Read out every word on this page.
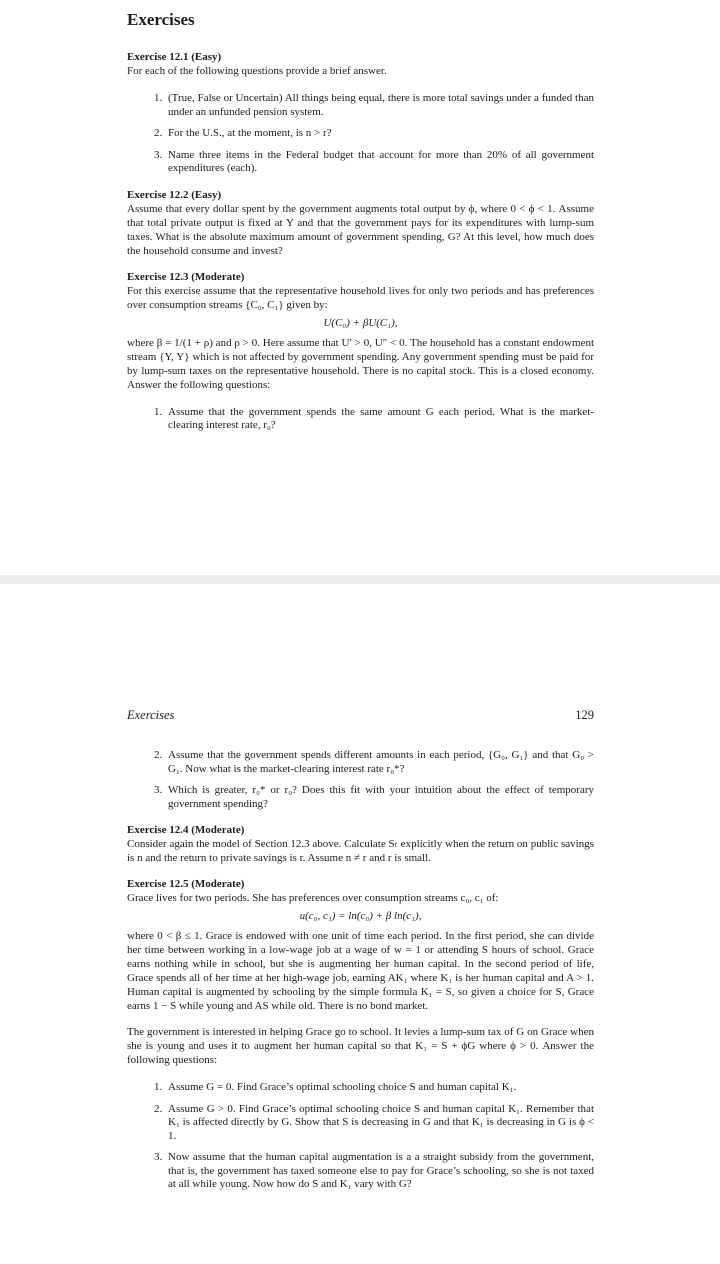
Exercises
Exercise 12.1 (Easy)
For each of the following questions provide a brief answer.
1. (True, False or Uncertain) All things being equal, there is more total savings under a funded than under an unfunded pension system.
2. For the U.S., at the moment, is n > r?
3. Name three items in the Federal budget that account for more than 20% of all government expenditures (each).
Exercise 12.2 (Easy)
Assume that every dollar spent by the government augments total output by ϕ, where 0 < ϕ < 1. Assume that total private output is fixed at Y and that the government pays for its expenditures with lump-sum taxes. What is the absolute maximum amount of government spending, G? At this level, how much does the household consume and invest?
Exercise 12.3 (Moderate)
For this exercise assume that the representative household lives for only two periods and has preferences over consumption streams {C₀, C₁} given by:
U(C₀) + βU(C₁),
where β = 1/(1 + ρ) and ρ > 0. Here assume that U′ > 0, U″ < 0. The household has a constant endowment stream {Y, Y} which is not affected by government spending. Any government spending must be paid for by lump-sum taxes on the representative household. There is no capital stock. This is a closed economy. Answer the following questions:
1. Assume that the government spends the same amount G each period. What is the market-clearing interest rate, r₀?
Exercises	129
2. Assume that the government spends different amounts in each period, {G₀, G₁} and that G₀ > G₁. Now what is the market-clearing interest rate r₀*?
3. Which is greater, r₀* or r₀? Does this fit with your intuition about the effect of temporary government spending?
Exercise 12.4 (Moderate)
Consider again the model of Section 12.3 above. Calculate Sₜ explicitly when the return on public savings is n and the return to private savings is r. Assume n ≠ r and r is small.
Exercise 12.5 (Moderate)
Grace lives for two periods. She has preferences over consumption streams c₀, c₁ of:
u(c₀, c₁) = ln(c₀) + β ln(c₁),
where 0 < β ≤ 1. Grace is endowed with one unit of time each period. In the first period, she can divide her time between working in a low-wage job at a wage of w = 1 or attending S hours of school. Grace earns nothing while in school, but she is augmenting her human capital. In the second period of life, Grace spends all of her time at her high-wage job, earning AK₁ where K₁ is her human capital and A > 1. Human capital is augmented by schooling by the simple formula K₁ = S, so given a choice for S, Grace earns 1 − S while young and AS while old. There is no bond market.
The government is interested in helping Grace go to school. It levies a lump-sum tax of G on Grace when she is young and uses it to augment her human capital so that K₁ = S + ϕG where ϕ > 0. Answer the following questions:
1. Assume G = 0. Find Grace’s optimal schooling choice S and human capital K₁.
2. Assume G > 0. Find Grace’s optimal schooling choice S and human capital K₁. Remember that K₁ is affected directly by G. Show that S is decreasing in G and that K₁ is decreasing in G is ϕ < 1.
3. Now assume that the human capital augmentation is a a straight subsidy from the government, that is, the government has taxed someone else to pay for Grace’s schooling, so she is not taxed at all while young. Now how do S and K₁ vary with G?
